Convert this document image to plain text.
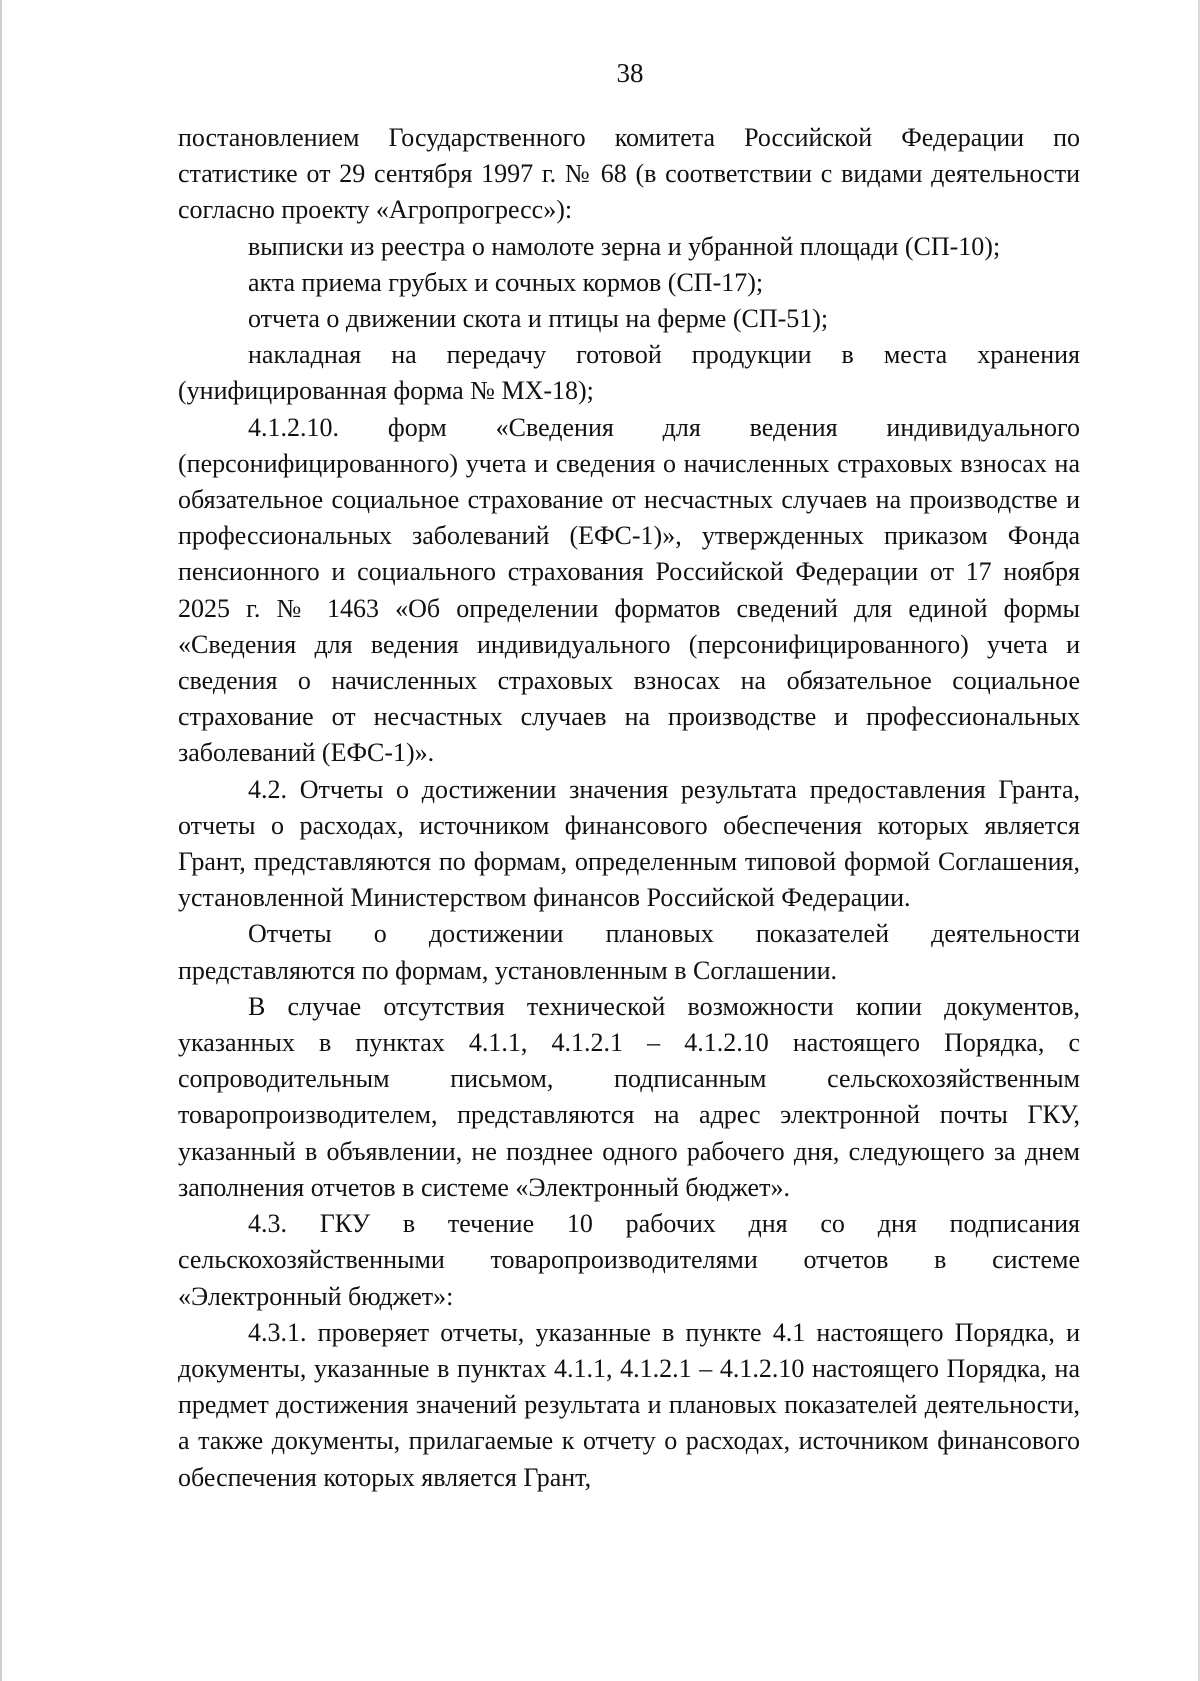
38

постановлением Государственного комитета Российской Федерации по статистике от 29 сентября 1997 г. № 68 (в соответствии с видами деятельности согласно проекту «Агропрогресс»):

выписки из реестра о намолоте зерна и убранной площади (СП-10);

акта приема грубых и сочных кормов (СП-17);

отчета о движении скота и птицы на ферме (СП-51);

накладная на передачу готовой продукции в места хранения (унифицированная форма № МХ-18);

4.1.2.10. форм «Сведения для ведения индивидуального (персонифицированного) учета и сведения о начисленных страховых взносах на обязательное социальное страхование от несчастных случаев на производстве и профессиональных заболеваний (ЕФС-1)», утвержденных приказом Фонда пенсионного и социального страхования Российской Федерации от 17 ноября 2025 г. № 1463 «Об определении форматов сведений для единой формы «Сведения для ведения индивидуального (персонифицированного) учета и сведения о начисленных страховых взносах на обязательное социальное страхование от несчастных случаев на производстве и профессиональных заболеваний (ЕФС-1)».

4.2. Отчеты о достижении значения результата предоставления Гранта, отчеты о расходах, источником финансового обеспечения которых является Грант, представляются по формам, определенным типовой формой Соглашения, установленной Министерством финансов Российской Федерации.

Отчеты о достижении плановых показателей деятельности представляются по формам, установленным в Соглашении.

В случае отсутствия технической возможности копии документов, указанных в пунктах 4.1.1, 4.1.2.1 – 4.1.2.10 настоящего Порядка, с сопроводительным письмом, подписанным сельскохозяйственным товаропроизводителем, представляются на адрес электронной почты ГКУ, указанный в объявлении, не позднее одного рабочего дня, следующего за днем заполнения отчетов в системе «Электронный бюджет».

4.3. ГКУ в течение 10 рабочих дня со дня подписания сельскохозяйственными товаропроизводителями отчетов в системе «Электронный бюджет»:

4.3.1. проверяет отчеты, указанные в пункте 4.1 настоящего Порядка, и документы, указанные в пунктах 4.1.1, 4.1.2.1 – 4.1.2.10 настоящего Порядка, на предмет достижения значений результата и плановых показателей деятельности, а также документы, прилагаемые к отчету о расходах, источником финансового обеспечения которых является Грант,
